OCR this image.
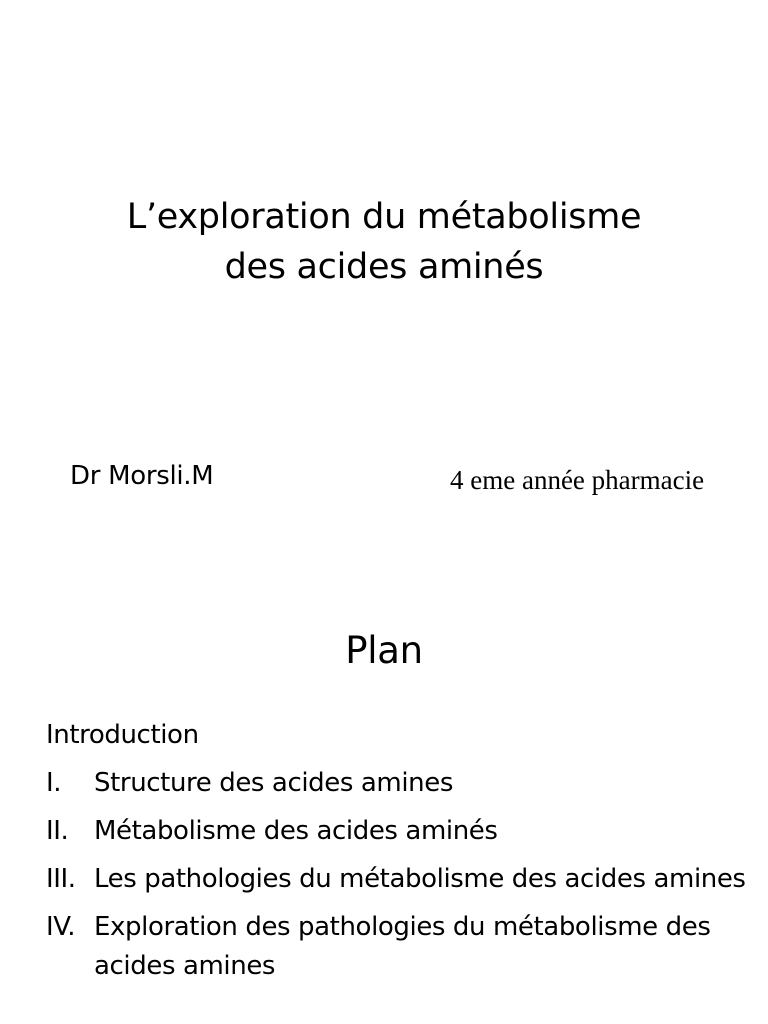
L’exploration du métabolisme
des acides aminés

Dr Morsli.M	4 eme année pharmacie

Plan
Introduction
I.	Structure des acides amines
II. Métabolisme des acides aminés
III. Les pathologies du métabolisme des acides amines
IV. Exploration des pathologies du métabolisme des acides amines
